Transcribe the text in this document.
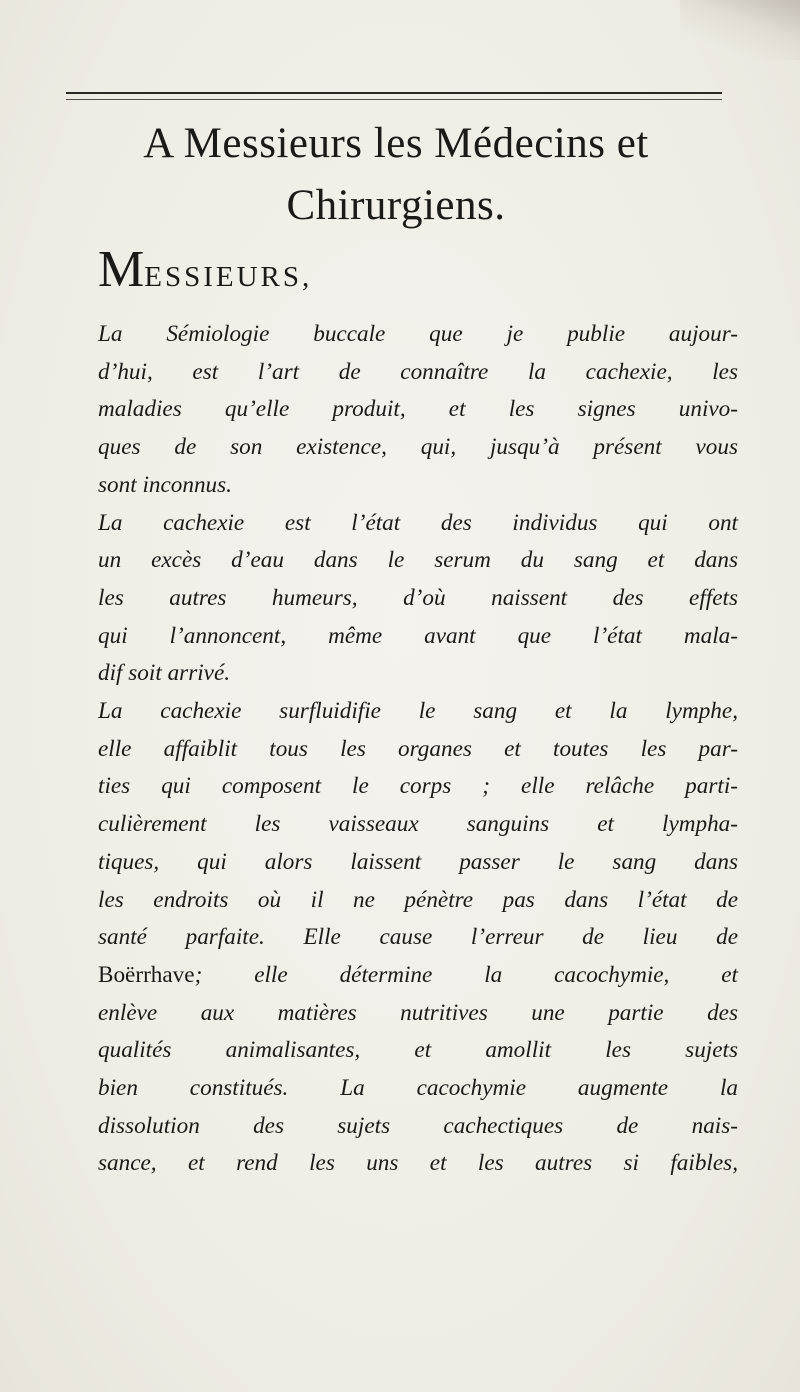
A Messieurs les Médecins et
Chirurgiens.
MESSIEURS,
La Sémiologie buccale que je publie aujour-
d’hui, est l’art de connaître la cachexie, les
maladies qu’elle produit, et les signes univo-
ques de son existence, qui, jusqu’à présent vous
sont inconnus.
La cachexie est l’état des individus qui ont
un excès d’eau dans le serum du sang et dans
les autres humeurs, d’où naissent des effets
qui l’annoncent, même avant que l’état mala-
dif soit arrivé.
La cachexie surfluidifie le sang et la lymphe,
elle affaiblit tous les organes et toutes les par-
ties qui composent le corps ; elle relâche parti-
culièrement les vaisseaux sanguins et lympha-
tiques, qui alors laissent passer le sang dans
les endroits où il ne pénètre pas dans l’état de
santé parfaite. Elle cause l’erreur de lieu de
Boërrhave; elle détermine la cacochymie, et
enlève aux matières nutritives une partie des
qualités animalisantes, et amollit les sujets
bien constitués. La cacochymie augmente la
dissolution des sujets cachectiques de nais-
sance, et rend les uns et les autres si faibles,
